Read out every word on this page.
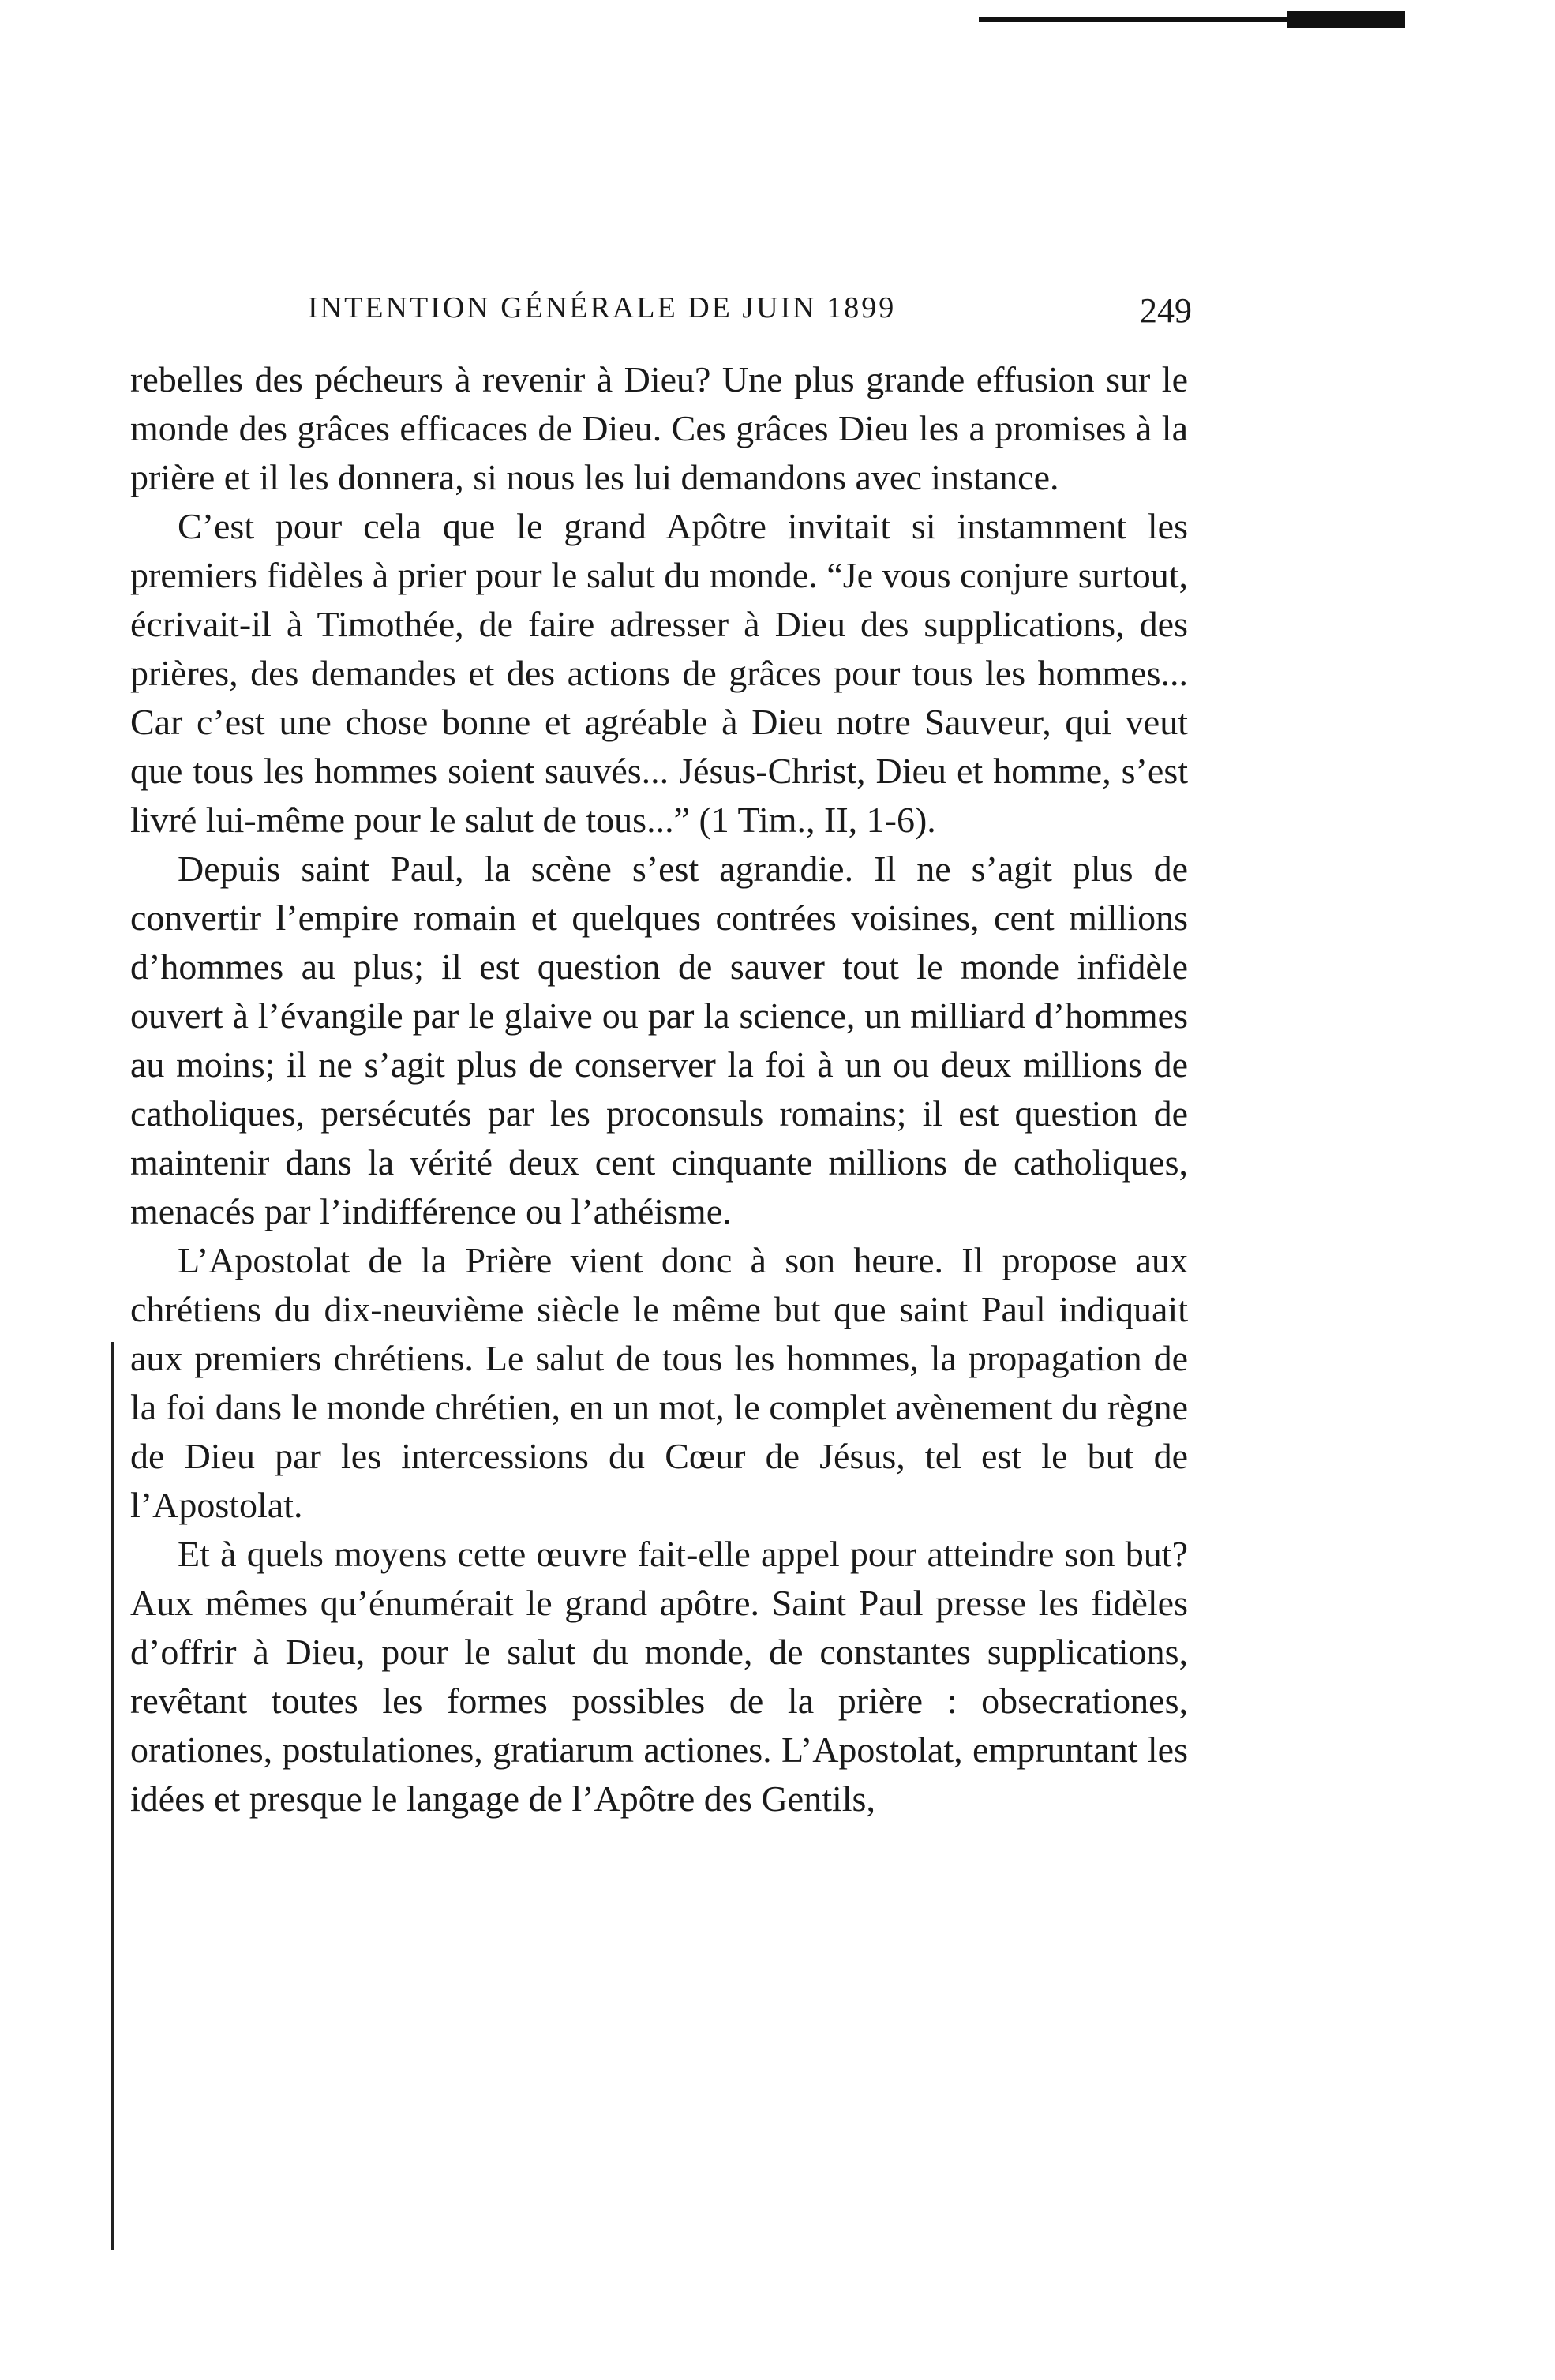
INTENTION GÉNÉRALE DE JUIN 1899	249

rebelles des pécheurs à revenir à Dieu? Une plus grande effusion sur le monde des grâces efficaces de Dieu. Ces grâces Dieu les a promises à la prière et il les donnera, si nous les lui demandons avec instance.

C’est pour cela que le grand Apôtre invitait si instamment les premiers fidèles à prier pour le salut du monde. “Je vous conjure surtout, écrivait-il à Timothée, de faire adresser à Dieu des supplications, des prières, des demandes et des actions de grâces pour tous les hommes... Car c’est une chose bonne et agréable à Dieu notre Sauveur, qui veut que tous les hommes soient sauvés... Jésus-Christ, Dieu et homme, s’est livré lui-même pour le salut de tous...” (1 Tim., II, 1-6).

Depuis saint Paul, la scène s’est agrandie. Il ne s’agit plus de convertir l’empire romain et quelques contrées voisines, cent millions d’hommes au plus; il est question de sauver tout le monde infidèle ouvert à l’évangile par le glaive ou par la science, un milliard d’hommes au moins; il ne s’agit plus de conserver la foi à un ou deux millions de catholiques, persécutés par les proconsuls romains; il est question de maintenir dans la vérité deux cent cinquante millions de catholiques, menacés par l’indifférence ou l’athéisme.

L’Apostolat de la Prière vient donc à son heure. Il propose aux chrétiens du dix-neuvième siècle le même but que saint Paul indiquait aux premiers chrétiens. Le salut de tous les hommes, la propagation de la foi dans le monde chrétien, en un mot, le complet avènement du règne de Dieu par les intercessions du Cœur de Jésus, tel est le but de l’Apostolat.

Et à quels moyens cette œuvre fait-elle appel pour atteindre son but? Aux mêmes qu’énumérait le grand apôtre. Saint Paul presse les fidèles d’offrir à Dieu, pour le salut du monde, de constantes supplications, revêtant toutes les formes possibles de la prière : obsecrationes, orationes, postulationes, gratiarum actiones. L’Apostolat, empruntant les idées et presque le langage de l’Apôtre des Gentils,
